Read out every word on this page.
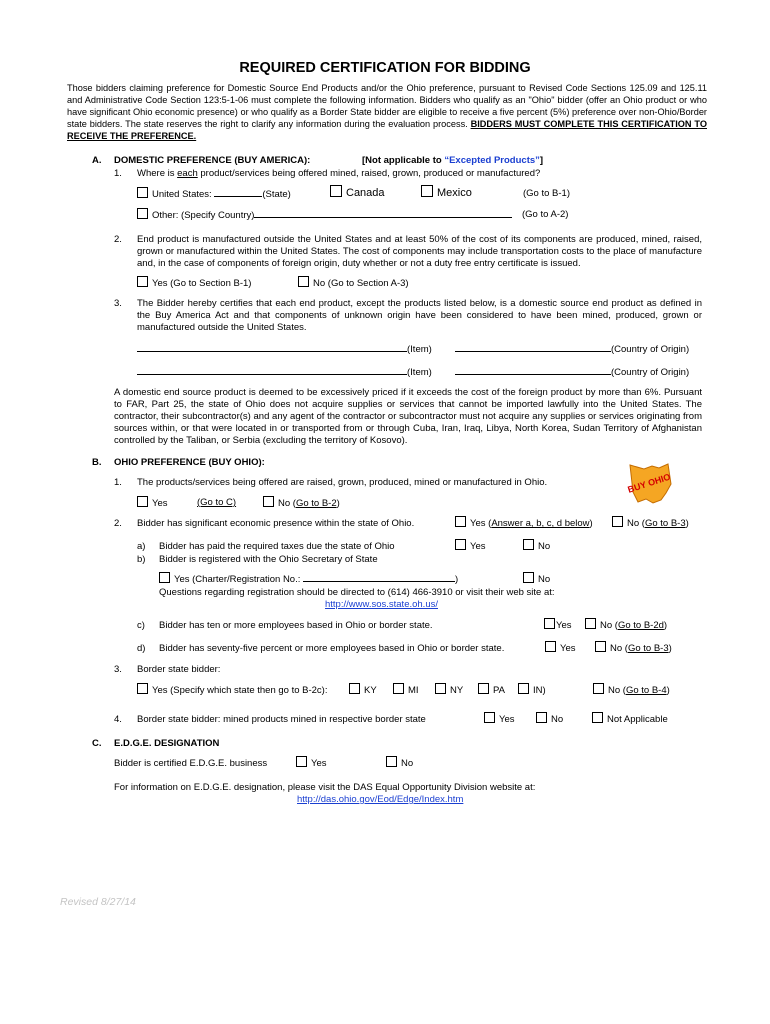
REQUIRED CERTIFICATION FOR BIDDING
Those bidders claiming preference for Domestic Source End Products and/or the Ohio preference, pursuant to Revised Code Sections 125.09 and 125.11 and Administrative Code Section 123:5-1-06 must complete the following information. Bidders who qualify as an "Ohio" bidder (offer an Ohio product or who have significant Ohio economic presence) or who qualify as a Border State bidder are eligible to receive a five percent (5%) preference over non-Ohio/Border state bidders. The state reserves the right to clarify any information during the evaluation process. BIDDERS MUST COMPLETE THIS CERTIFICATION TO RECEIVE THE PREFERENCE.
A. DOMESTIC PREFERENCE (BUY AMERICA):	[Not applicable to “Excepted Products”]
1. Where is each product/services being offered mined, raised, grown, produced or manufactured?
United States:	(State)	Canada	Mexico	(Go to B-1)
Other: (Specify Country)	(Go to A-2)
2. End product is manufactured outside the United States and at least 50% of the cost of its components are produced, mined, raised, grown or manufactured within the United States. The cost of components may include transportation costs to the place of manufacture and, in the case of components of foreign origin, duty whether or not a duty free entry certificate is issued.
Yes (Go to Section B-1)	No (Go to Section A-3)
3. The Bidder hereby certifies that each end product, except the products listed below, is a domestic source end product as defined in the Buy America Act and that components of unknown origin have been considered to have been mined, produced, grown or manufactured outside the United States.
(Item)	(Country of Origin)
(Item)	(Country of Origin)
A domestic end source product is deemed to be excessively priced if it exceeds the cost of the foreign product by more than 6%. Pursuant to FAR, Part 25, the state of Ohio does not acquire supplies or services that cannot be imported lawfully into the United States. The contractor, their subcontractor(s) and any agent of the contractor or subcontractor must not acquire any supplies or services originating from sources within, or that were located in or transported from or through Cuba, Iran, Iraq, Libya, North Korea, Sudan Territory of Afghanistan controlled by the Taliban, or Serbia (excluding the territory of Kosovo).
B. OHIO PREFERENCE (BUY OHIO):
BUY OHIO
1. The products/services being offered are raised, grown, produced, mined or manufactured in Ohio.
Yes	(Go to C)	No (Go to B-2)
2. Bidder has significant economic presence within the state of Ohio.	Yes (Answer a, b, c, d below)	No (Go to B-3)
a) Bidder has paid the required taxes due the state of Ohio	Yes	No
b) Bidder is registered with the Ohio Secretary of State
Yes (Charter/Registration No.:	)	No
Questions regarding registration should be directed to (614) 466-3910 or visit their web site at:
http://www.sos.state.oh.us/
c) Bidder has ten or more employees based in Ohio or border state.	Yes	No (Go to B-2d)
d) Bidder has seventy-five percent or more employees based in Ohio or border state.	Yes	No (Go to B-3)
3. Border state bidder:
Yes (Specify which state then go to B-2c):	KY	MI	NY	PA	IN)	No (Go to B-4)
4. Border state bidder: mined products mined in respective border state	Yes	No	Not Applicable
C. E.D.G.E. DESIGNATION
Bidder is certified E.D.G.E. business	Yes	No
For information on E.D.G.E. designation, please visit the DAS Equal Opportunity Division website at:
http://das.ohio.gov/Eod/Edge/Index.htm
Revised 8/27/14
